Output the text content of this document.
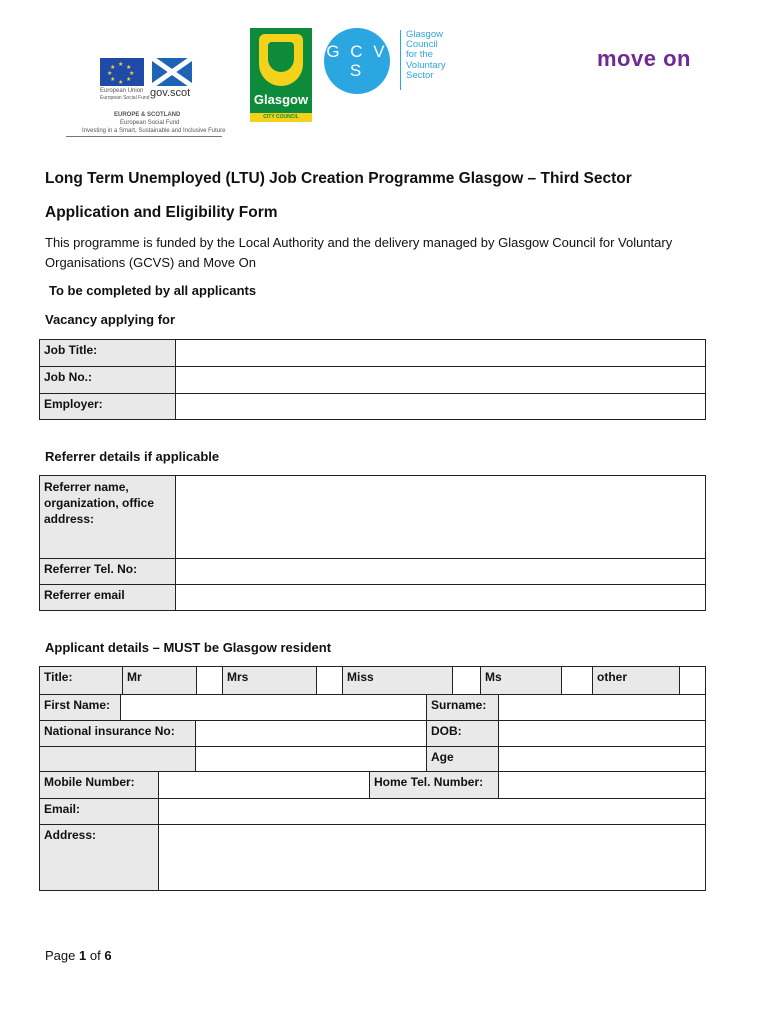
★ ★
★
★
★
★
★
★
European Union
European Social Fund gov.scot
EUROPE & SCOTLAND
European Social Fund
Investing in a Smart, Sustainable and Inclusive Future
Glasgow
CITY COUNCIL
G C V S
Glasgow
Council
for the
Voluntary
Sector
move on
Long Term Unemployed (LTU) Job Creation Programme Glasgow – Third Sector
Application and Eligibility Form
This programme is funded by the Local Authority and the delivery managed by Glasgow Council for Voluntary Organisations (GCVS) and Move On
To be completed by all applicants
Vacancy applying for
Job Title:
Job No.:
Employer:
Referrer details if applicable
Referrer name, organization, office address:
Referrer Tel. No:
Referrer email
Applicant details – MUST be Glasgow resident
Title:	Mr	Mrs	Miss	Ms	other
First Name:	Surname:
National insurance No:	DOB:
Age
Mobile Number:	Home Tel. Number:
Email:
Address:
Page 1 of 6
